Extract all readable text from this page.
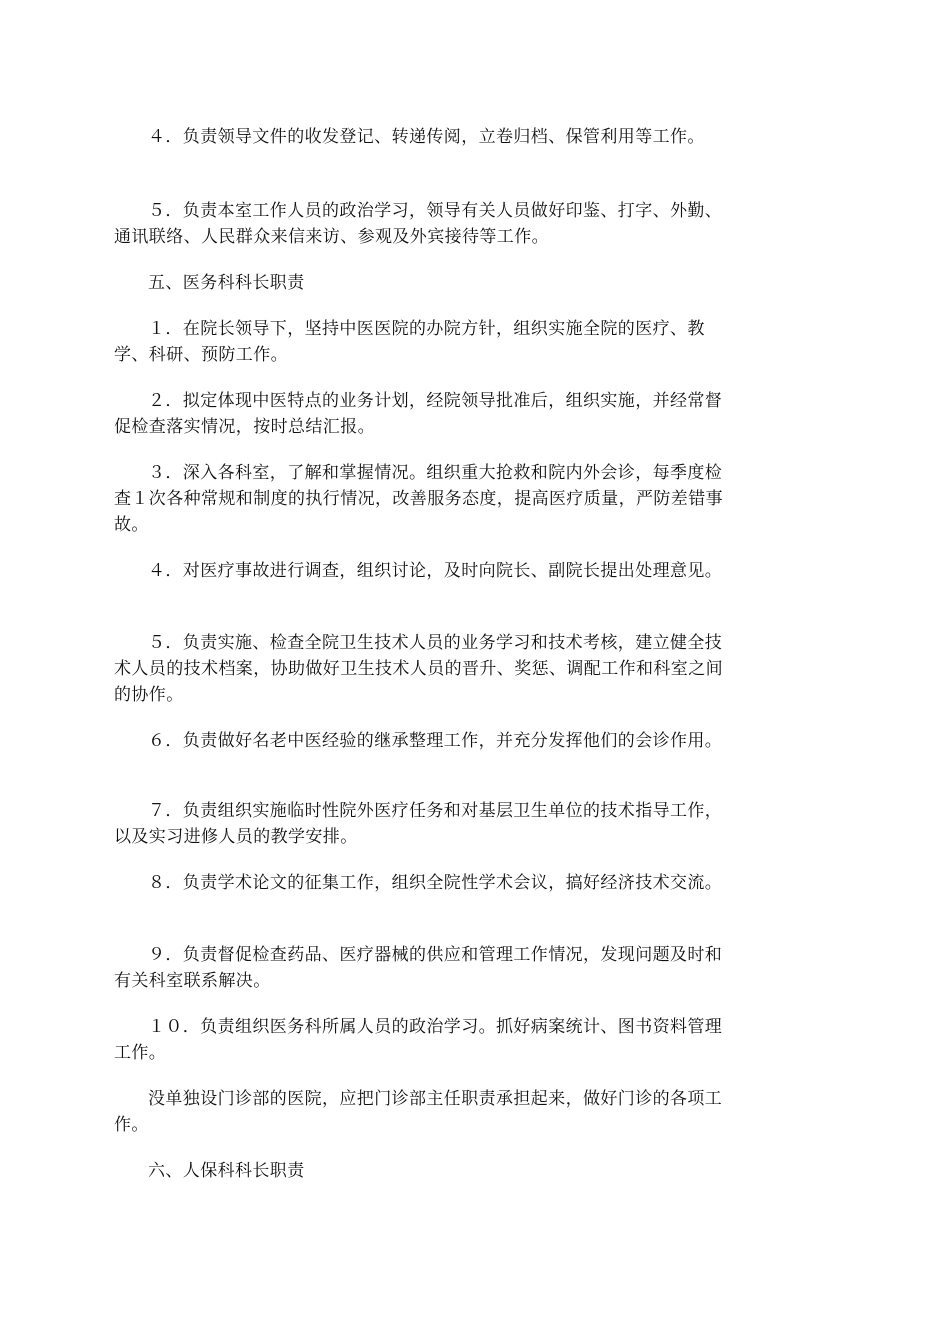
４．负责领导文件的收发登记、转递传阅，立卷归档、保管利用等工作。

５．负责本室工作人员的政治学习，领导有关人员做好印鉴、打字、外勤、通讯联络、人民群众来信来访、参观及外宾接待等工作。

五、医务科科长职责

１．在院长领导下，坚持中医医院的办院方针，组织实施全院的医疗、教学、科研、预防工作。

２．拟定体现中医特点的业务计划，经院领导批准后，组织实施，并经常督促检查落实情况，按时总结汇报。

３．深入各科室，了解和掌握情况。组织重大抢救和院内外会诊，每季度检查１次各种常规和制度的执行情况，改善服务态度，提高医疗质量，严防差错事故。

４．对医疗事故进行调查，组织讨论，及时向院长、副院长提出处理意见。

５．负责实施、检查全院卫生技术人员的业务学习和技术考核，建立健全技术人员的技术档案，协助做好卫生技术人员的晋升、奖惩、调配工作和科室之间的协作。

６．负责做好名老中医经验的继承整理工作，并充分发挥他们的会诊作用。

７．负责组织实施临时性院外医疗任务和对基层卫生单位的技术指导工作，以及实习进修人员的教学安排。

８．负责学术论文的征集工作，组织全院性学术会议，搞好经济技术交流。

９．负责督促检查药品、医疗器械的供应和管理工作情况，发现问题及时和有关科室联系解决。

１０．负责组织医务科所属人员的政治学习。抓好病案统计、图书资料管理工作。

没单独设门诊部的医院，应把门诊部主任职责承担起来，做好门诊的各项工作。

六、人保科科长职责
